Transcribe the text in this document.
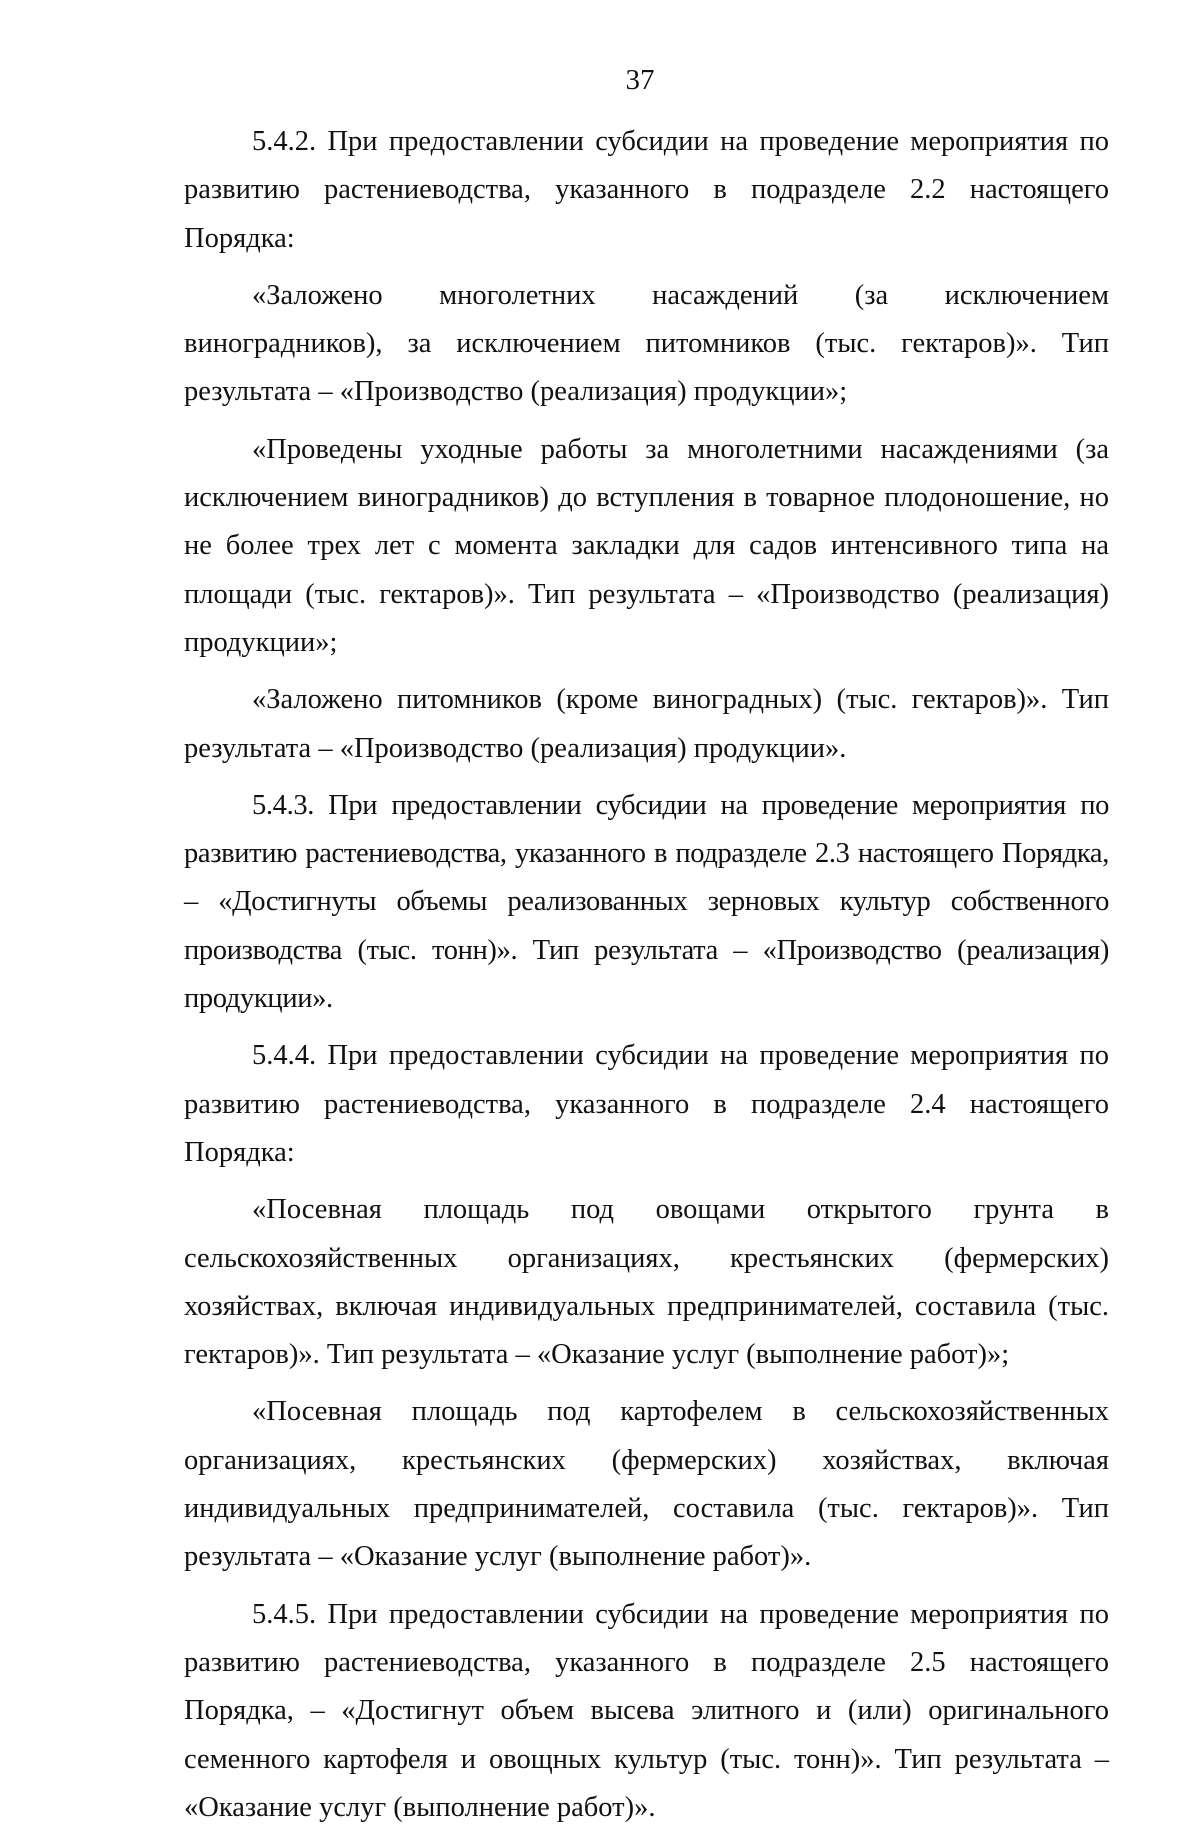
37

5.4.2. При предоставлении субсидии на проведение мероприятия по развитию растениеводства, указанного в подразделе 2.2 настоящего Порядка:

«Заложено многолетних насаждений (за исключением виноградников), за исключением питомников (тыс. гектаров)». Тип результата – «Производство (реализация) продукции»;

«Проведены уходные работы за многолетними насаждениями (за исключением виноградников) до вступления в товарное плодоношение, но не более трех лет с момента закладки для садов интенсивного типа на площади (тыс. гектаров)». Тип результата – «Производство (реализация) продукции»;

«Заложено питомников (кроме виноградных) (тыс. гектаров)». Тип результата – «Производство (реализация) продукции».

5.4.3. При предоставлении субсидии на проведение мероприятия по развитию растениеводства, указанного в подразделе 2.3 настоящего Порядка, – «Достигнуты объемы реализованных зерновых культур собственного производства (тыс. тонн)». Тип результата – «Производство (реализация) продукции».

5.4.4. При предоставлении субсидии на проведение мероприятия по развитию растениеводства, указанного в подразделе 2.4 настоящего Порядка:

«Посевная площадь под овощами открытого грунта в сельскохозяйственных организациях, крестьянских (фермерских) хозяйствах, включая индивидуальных предпринимателей, составила (тыс. гектаров)». Тип результата – «Оказание услуг (выполнение работ)»;

«Посевная площадь под картофелем в сельскохозяйственных организациях, крестьянских (фермерских) хозяйствах, включая индивидуальных предпринимателей, составила (тыс. гектаров)». Тип результата – «Оказание услуг (выполнение работ)».

5.4.5. При предоставлении субсидии на проведение мероприятия по развитию растениеводства, указанного в подразделе 2.5 настоящего Порядка, – «Достигнут объем высева элитного и (или) оригинального семенного картофеля и овощных культур (тыс. тонн)». Тип результата – «Оказание услуг (выполнение работ)».
